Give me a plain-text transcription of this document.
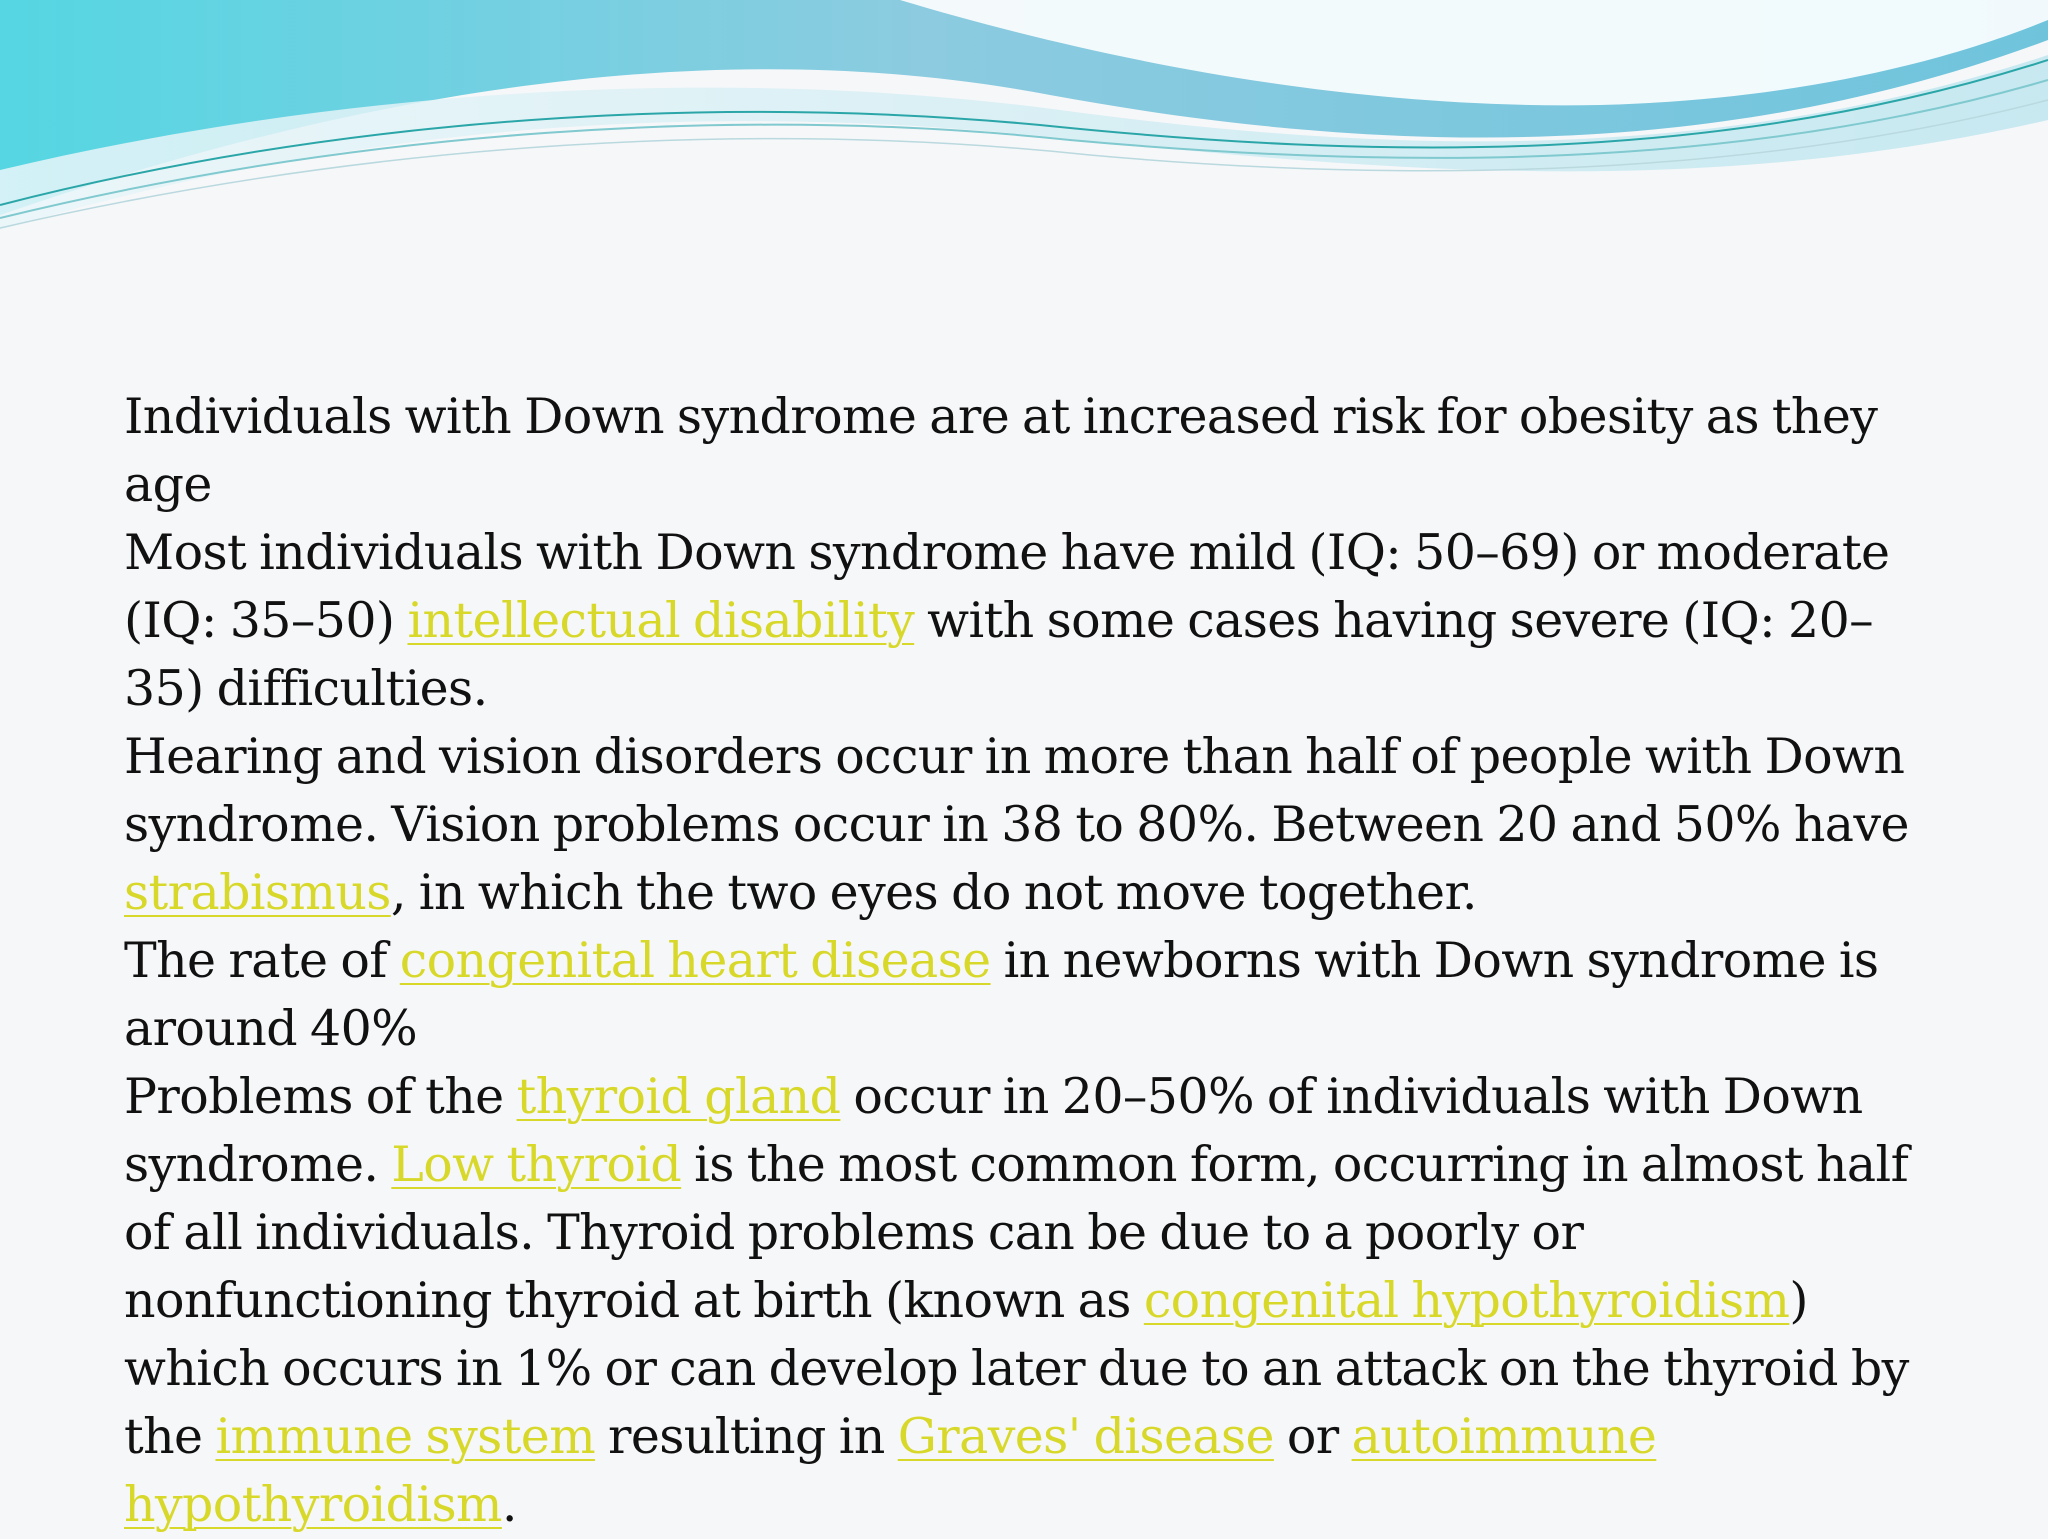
Individuals with Down syndrome are at increased risk for obesity as they age

Most individuals with Down syndrome have mild (IQ: 50–69) or moderate (IQ: 35–50) intellectual disability with some cases having severe (IQ: 20–35) difficulties.

Hearing and vision disorders occur in more than half of people with Down syndrome. Vision problems occur in 38 to 80%. Between 20 and 50% have strabismus, in which the two eyes do not move together.

The rate of congenital heart disease in newborns with Down syndrome is around 40%

Problems of the thyroid gland occur in 20–50% of individuals with Down syndrome. Low thyroid is the most common form, occurring in almost half of all individuals. Thyroid problems can be due to a poorly or nonfunctioning thyroid at birth (known as congenital hypothyroidism) which occurs in 1% or can develop later due to an attack on the thyroid by the immune system resulting in Graves' disease or autoimmune hypothyroidism.
